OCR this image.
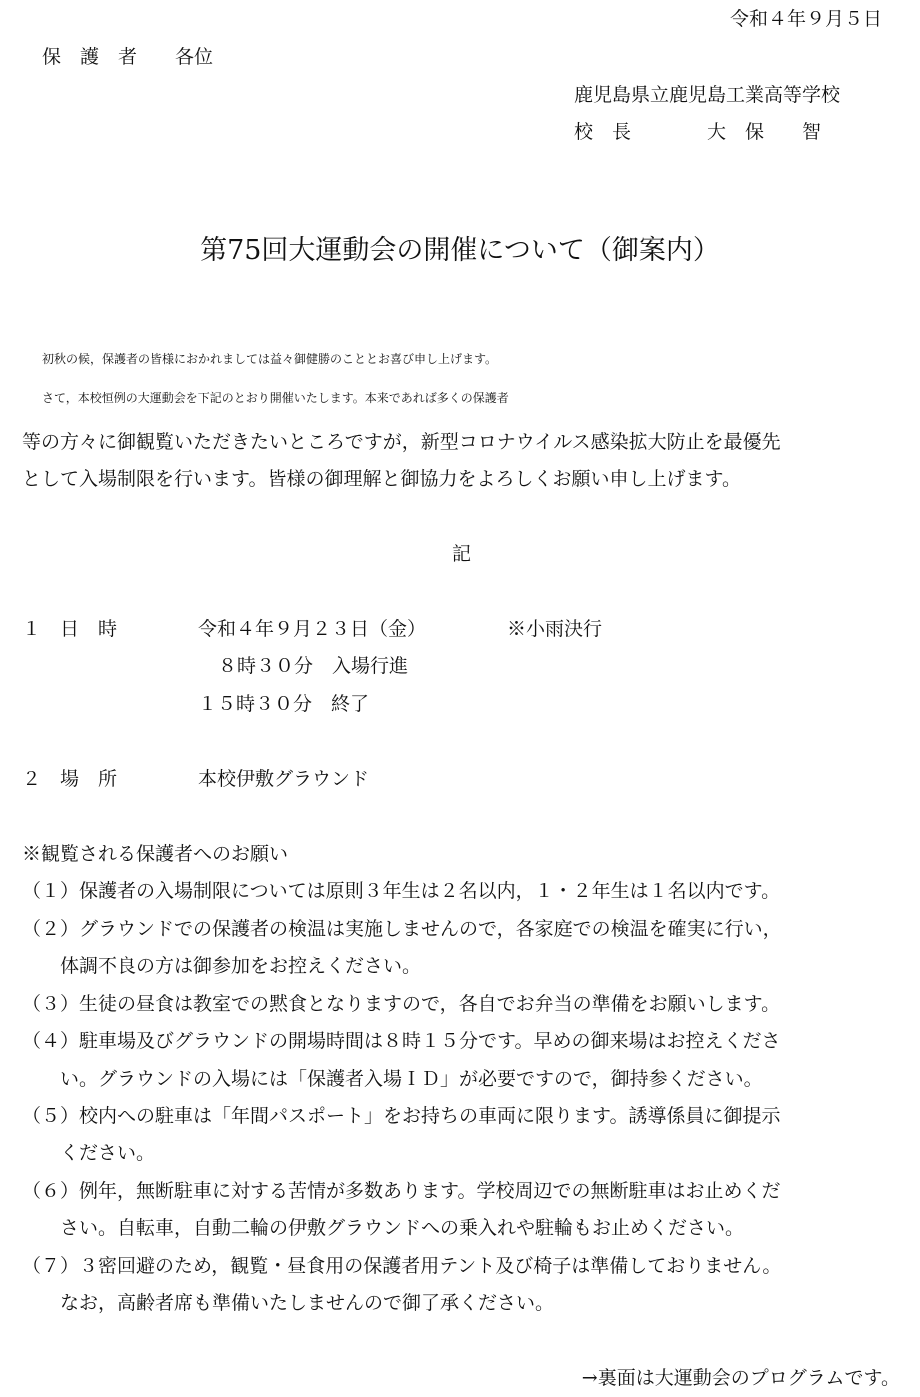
令和４年９月５日
保　護　者　　各位
鹿児島県立鹿児島工業高等学校
校　長　　　　大　保　　智
第75回大運動会の開催について（御案内）
初秋の候，保護者の皆様におかれましては益々御健勝のこととお喜び申し上げます。
さて，本校恒例の大運動会を下記のとおり開催いたします。本来であれば多くの保護者
等の方々に御観覧いただきたいところですが，新型コロナウイルス感染拡大防止を最優先
として入場制限を行います。皆様の御理解と御協力をよろしくお願い申し上げます。
記
１　日　時	令和４年９月２３日（金）	※小雨決行
８時３０分　入場行進
１５時３０分　終了
２　場　所	本校伊敷グラウンド
※観覧される保護者へのお願い
（１）保護者の入場制限については原則３年生は２名以内，１・２年生は１名以内です。
（２）グラウンドでの保護者の検温は実施しませんので，各家庭での検温を確実に行い，
　　体調不良の方は御参加をお控えください。
（３）生徒の昼食は教室での黙食となりますので，各自でお弁当の準備をお願いします。
（４）駐車場及びグラウンドの開場時間は８時１５分です。早めの御来場はお控えくださ
　　い。グラウンドの入場には「保護者入場ＩＤ」が必要ですので，御持参ください。
（５）校内への駐車は「年間パスポート」をお持ちの車両に限ります。誘導係員に御提示
　　ください。
（６）例年，無断駐車に対する苦情が多数あります。学校周辺での無断駐車はお止めくだ
　　さい。自転車，自動二輪の伊敷グラウンドへの乗入れや駐輪もお止めください。
（７）３密回避のため，観覧・昼食用の保護者用テント及び椅子は準備しておりません。
　　なお，高齢者席も準備いたしませんので御了承ください。
→裏面は大運動会のプログラムです。
